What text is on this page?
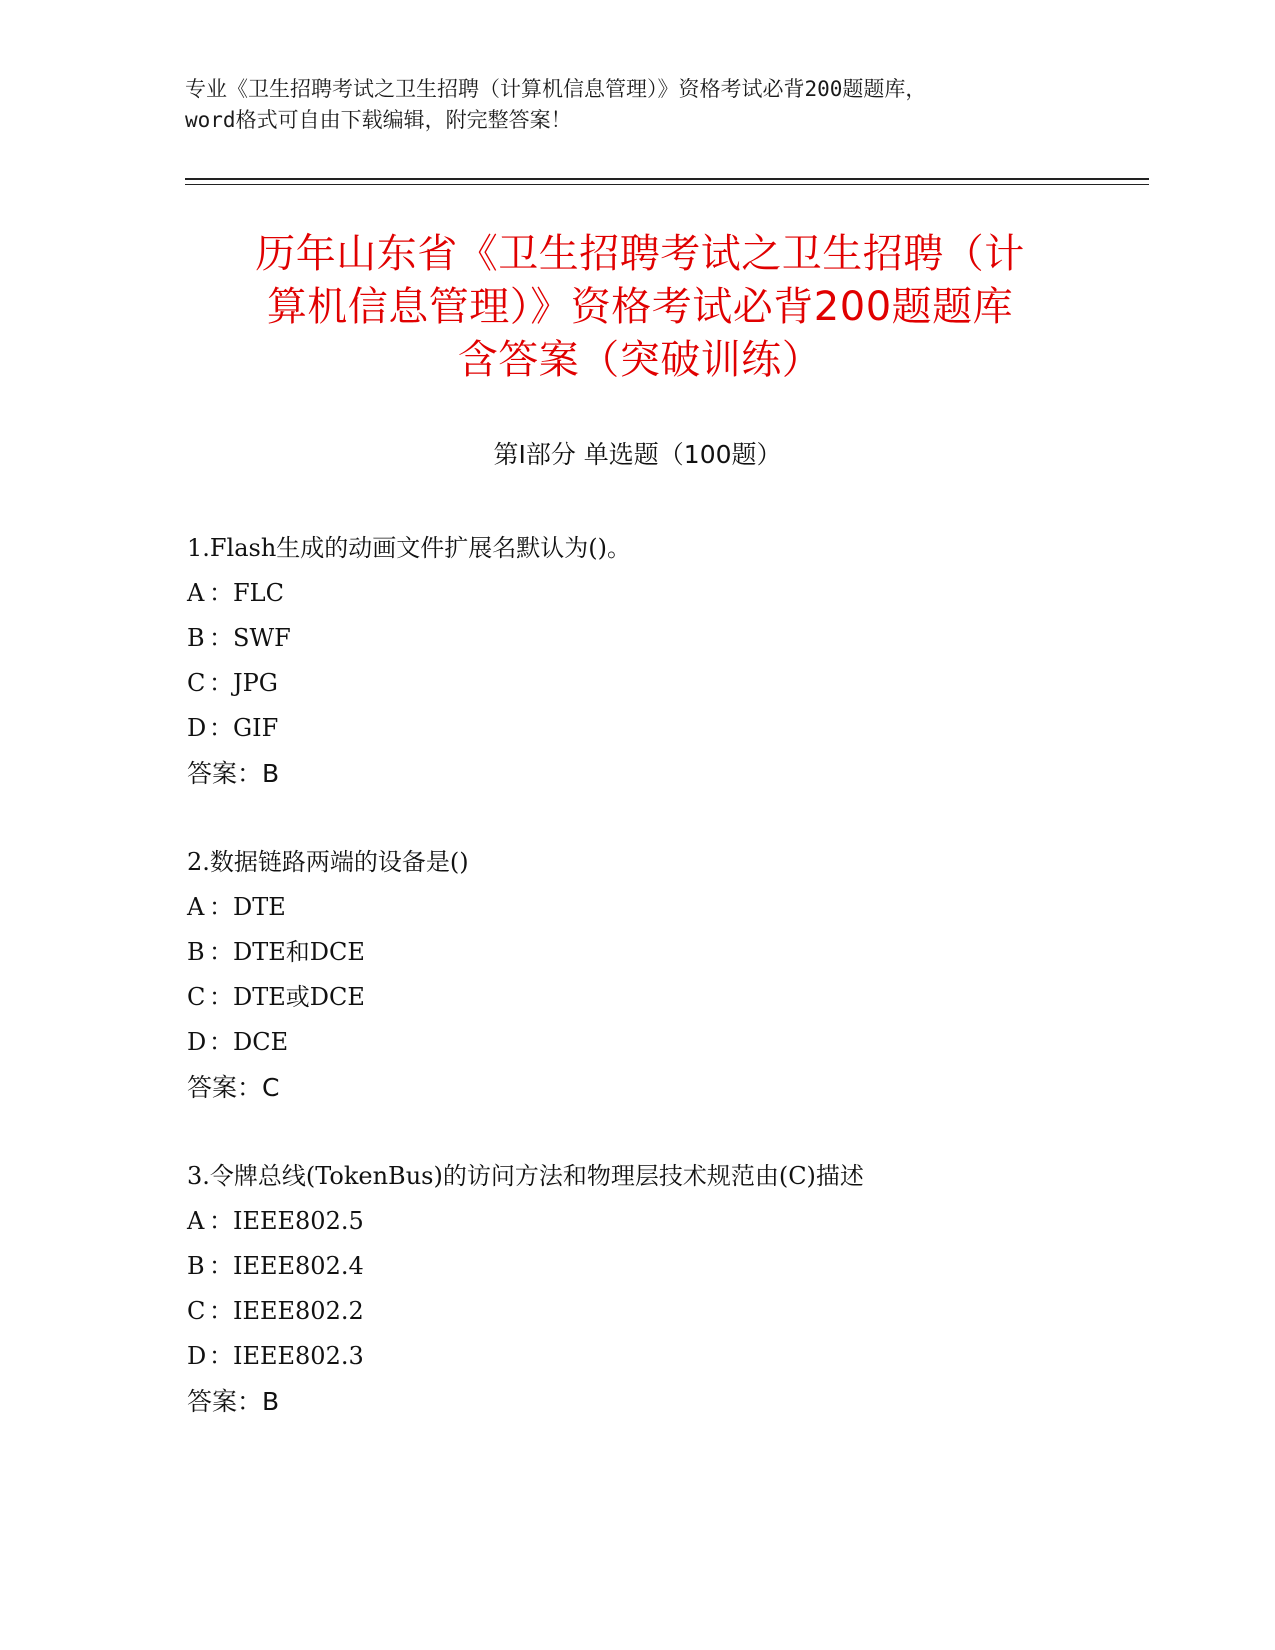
专业《卫生招聘考试之卫生招聘（计算机信息管理）》资格考试必背200题题库，
word格式可自由下载编辑，附完整答案！
历年山东省《卫生招聘考试之卫生招聘（计
算机信息管理）》资格考试必背200题题库
含答案（突破训练）
第I部分 单选题（100题）
1.Flash生成的动画文件扩展名默认为()。
A ：FLC
B ：SWF
C ：JPG
D ：GIF
答案：B
2.数据链路两端的设备是()
A ：DTE
B ：DTE和DCE
C ：DTE或DCE
D ：DCE
答案：C
3.令牌总线(TokenBus)的访问方法和物理层技术规范由(C)描述
A ：IEEE802.5
B ：IEEE802.4
C ：IEEE802.2
D ：IEEE802.3
答案：B
